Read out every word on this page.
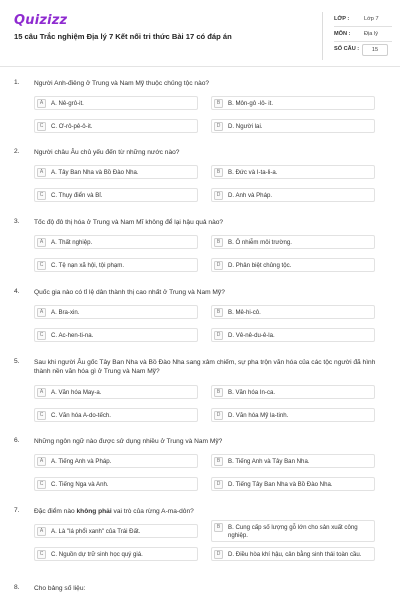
Quizizz
15 câu Trắc nghiệm Địa lý 7 Kết nối tri thức Bài 17 có đáp án
LỚP :	Lớp 7
MÔN : Địa lý
SỐ CÂU :	15
1. Người Anh-điêng ở Trung và Nam Mỹ thuộc chủng tộc nào?
A	A. Nê-grô-it.	B	B. Môn-gô -lô- it.
C	C. Ơ-rô-pê-ô-it.	D	D. Người lai.
2. Người châu Âu chủ yếu đến từ những nước nào?
A	A. Tây Ban Nha và Bồ Đào Nha.	B	B. Đức và I-ta-li-a.
C	C. Thụy điển và Bỉ.	D	D. Anh và Pháp.
3. Tốc độ đô thị hóa ở Trung và Nam Mĩ không để lại hậu quả nào?
A	A. Thất nghiệp.	B	B. Ô nhiễm môi trường.
C	C. Tệ nạn xã hội, tội phạm.	D	D. Phân biệt chủng tộc.
4. Quốc gia nào có tỉ lệ dân thành thị cao nhất ở Trung và Nam Mỹ?
A	A. Bra-xin.	B	B. Mê-hi-cô.
C	C. Ac-hen-ti-na.	D	D. Vê-nê-du-ê-la.
5. Sau khi người Âu gốc Tây Ban Nha và Bồ Đào Nha sang xâm chiếm, sự pha trộn văn hóa của các tộc người đã hình thành nền văn hóa gì ở Trung và Nam Mỹ?
A	A. Văn hóa May-a.	B	B. Văn hóa In-ca.
C	C. Văn hóa A-do-tếch.	D	D. Văn hóa Mỹ la-tinh.
6. Những ngôn ngữ nào được sử dụng nhiều ở Trung và Nam Mỹ?
A	A. Tiếng Anh và Pháp.	B	B. Tiếng Anh và Tây Ban Nha.
C	C. Tiếng Nga và Anh.	D	D. Tiếng Tây Ban Nha và Bồ Đào Nha.
7. Đặc điểm nào không phải vai trò của rừng A-ma-dôn?
A	A. Là "lá phổi xanh" của Trái Đất.
B	B. Cung cấp số lượng gỗ lớn cho sản xuất công nghiệp.
C	C. Nguồn dự trữ sinh học quý giá.	D	D. Điều hòa khí hậu, cân bằng sinh thái toàn cầu.
8. Cho bảng số liệu:
